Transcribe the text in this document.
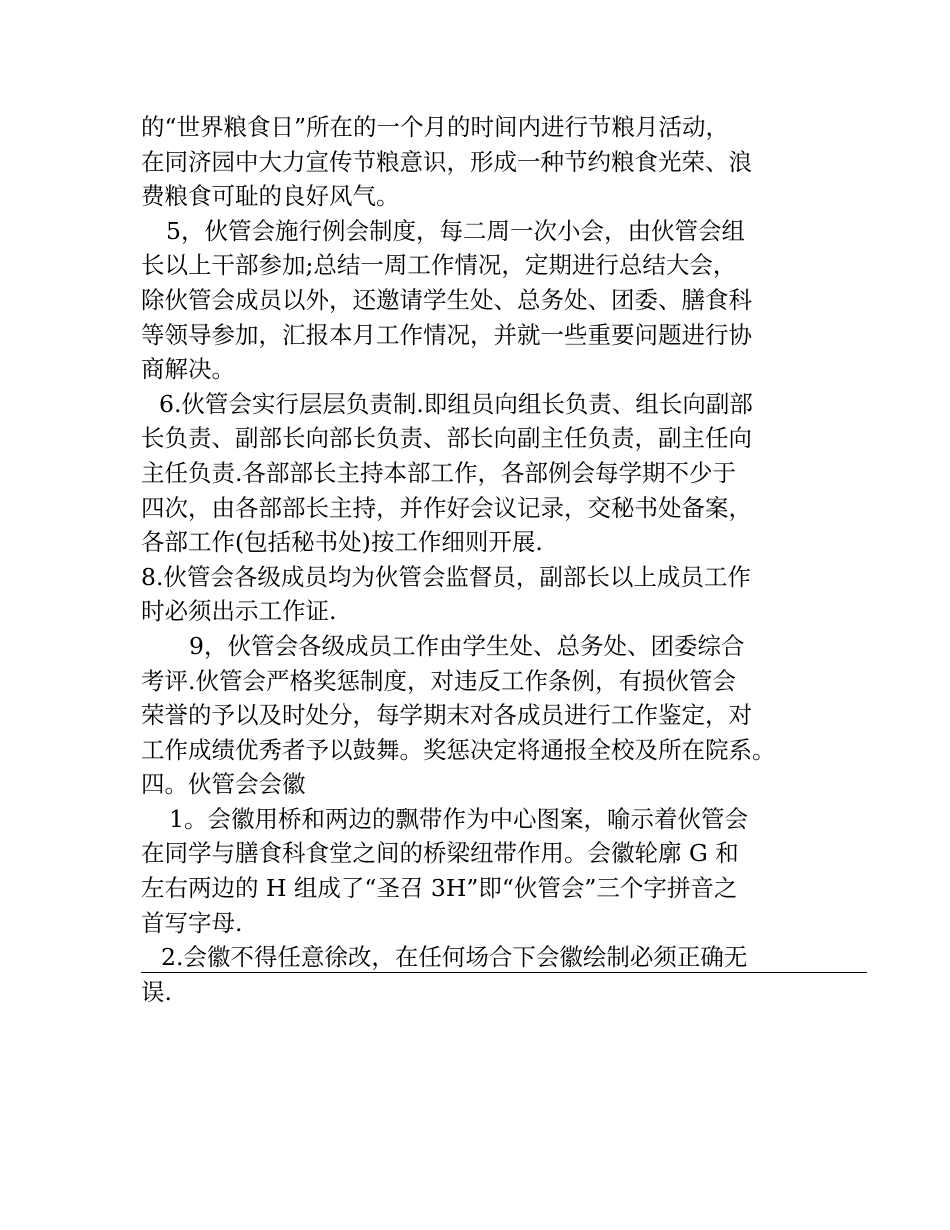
的“世界粮食日”所在的一个月的时间内进行节粮月活动，
在同济园中大力宣传节粮意识，形成一种节约粮食光荣、浪
费粮食可耻的良好风气。
5，伙管会施行例会制度，每二周一次小会，由伙管会组
长以上干部参加;总结一周工作情况，定期进行总结大会，
除伙管会成员以外，还邀请学生处、总务处、团委、膳食科
等领导参加，汇报本月工作情况，并就一些重要问题进行协
商解决。
6.伙管会实行层层负责制.即组员向组长负责、组长向副部
长负责、副部长向部长负责、部长向副主任负责，副主任向
主任负责.各部部长主持本部工作，各部例会每学期不少于
四次，由各部部长主持，并作好会议记录，交秘书处备案，
各部工作(包括秘书处)按工作细则开展.
8.伙管会各级成员均为伙管会监督员，副部长以上成员工作
时必须出示工作证.
9，伙管会各级成员工作由学生处、总务处、团委综合
考评.伙管会严格奖惩制度，对违反工作条例，有损伙管会
荣誉的予以及时处分，每学期末对各成员进行工作鉴定，对
工作成绩优秀者予以鼓舞。奖惩决定将通报全校及所在院系。
四。伙管会会徽
1。会徽用桥和两边的飘带作为中心图案，喻示着伙管会
在同学与膳食科食堂之间的桥梁纽带作用。会徽轮廓 G 和
左右两边的 H 组成了“圣召 3H”即“伙管会”三个字拼音之
首写字母.
2.会徽不得任意徐改，在任何场合下会徽绘制必须正确无
误.
